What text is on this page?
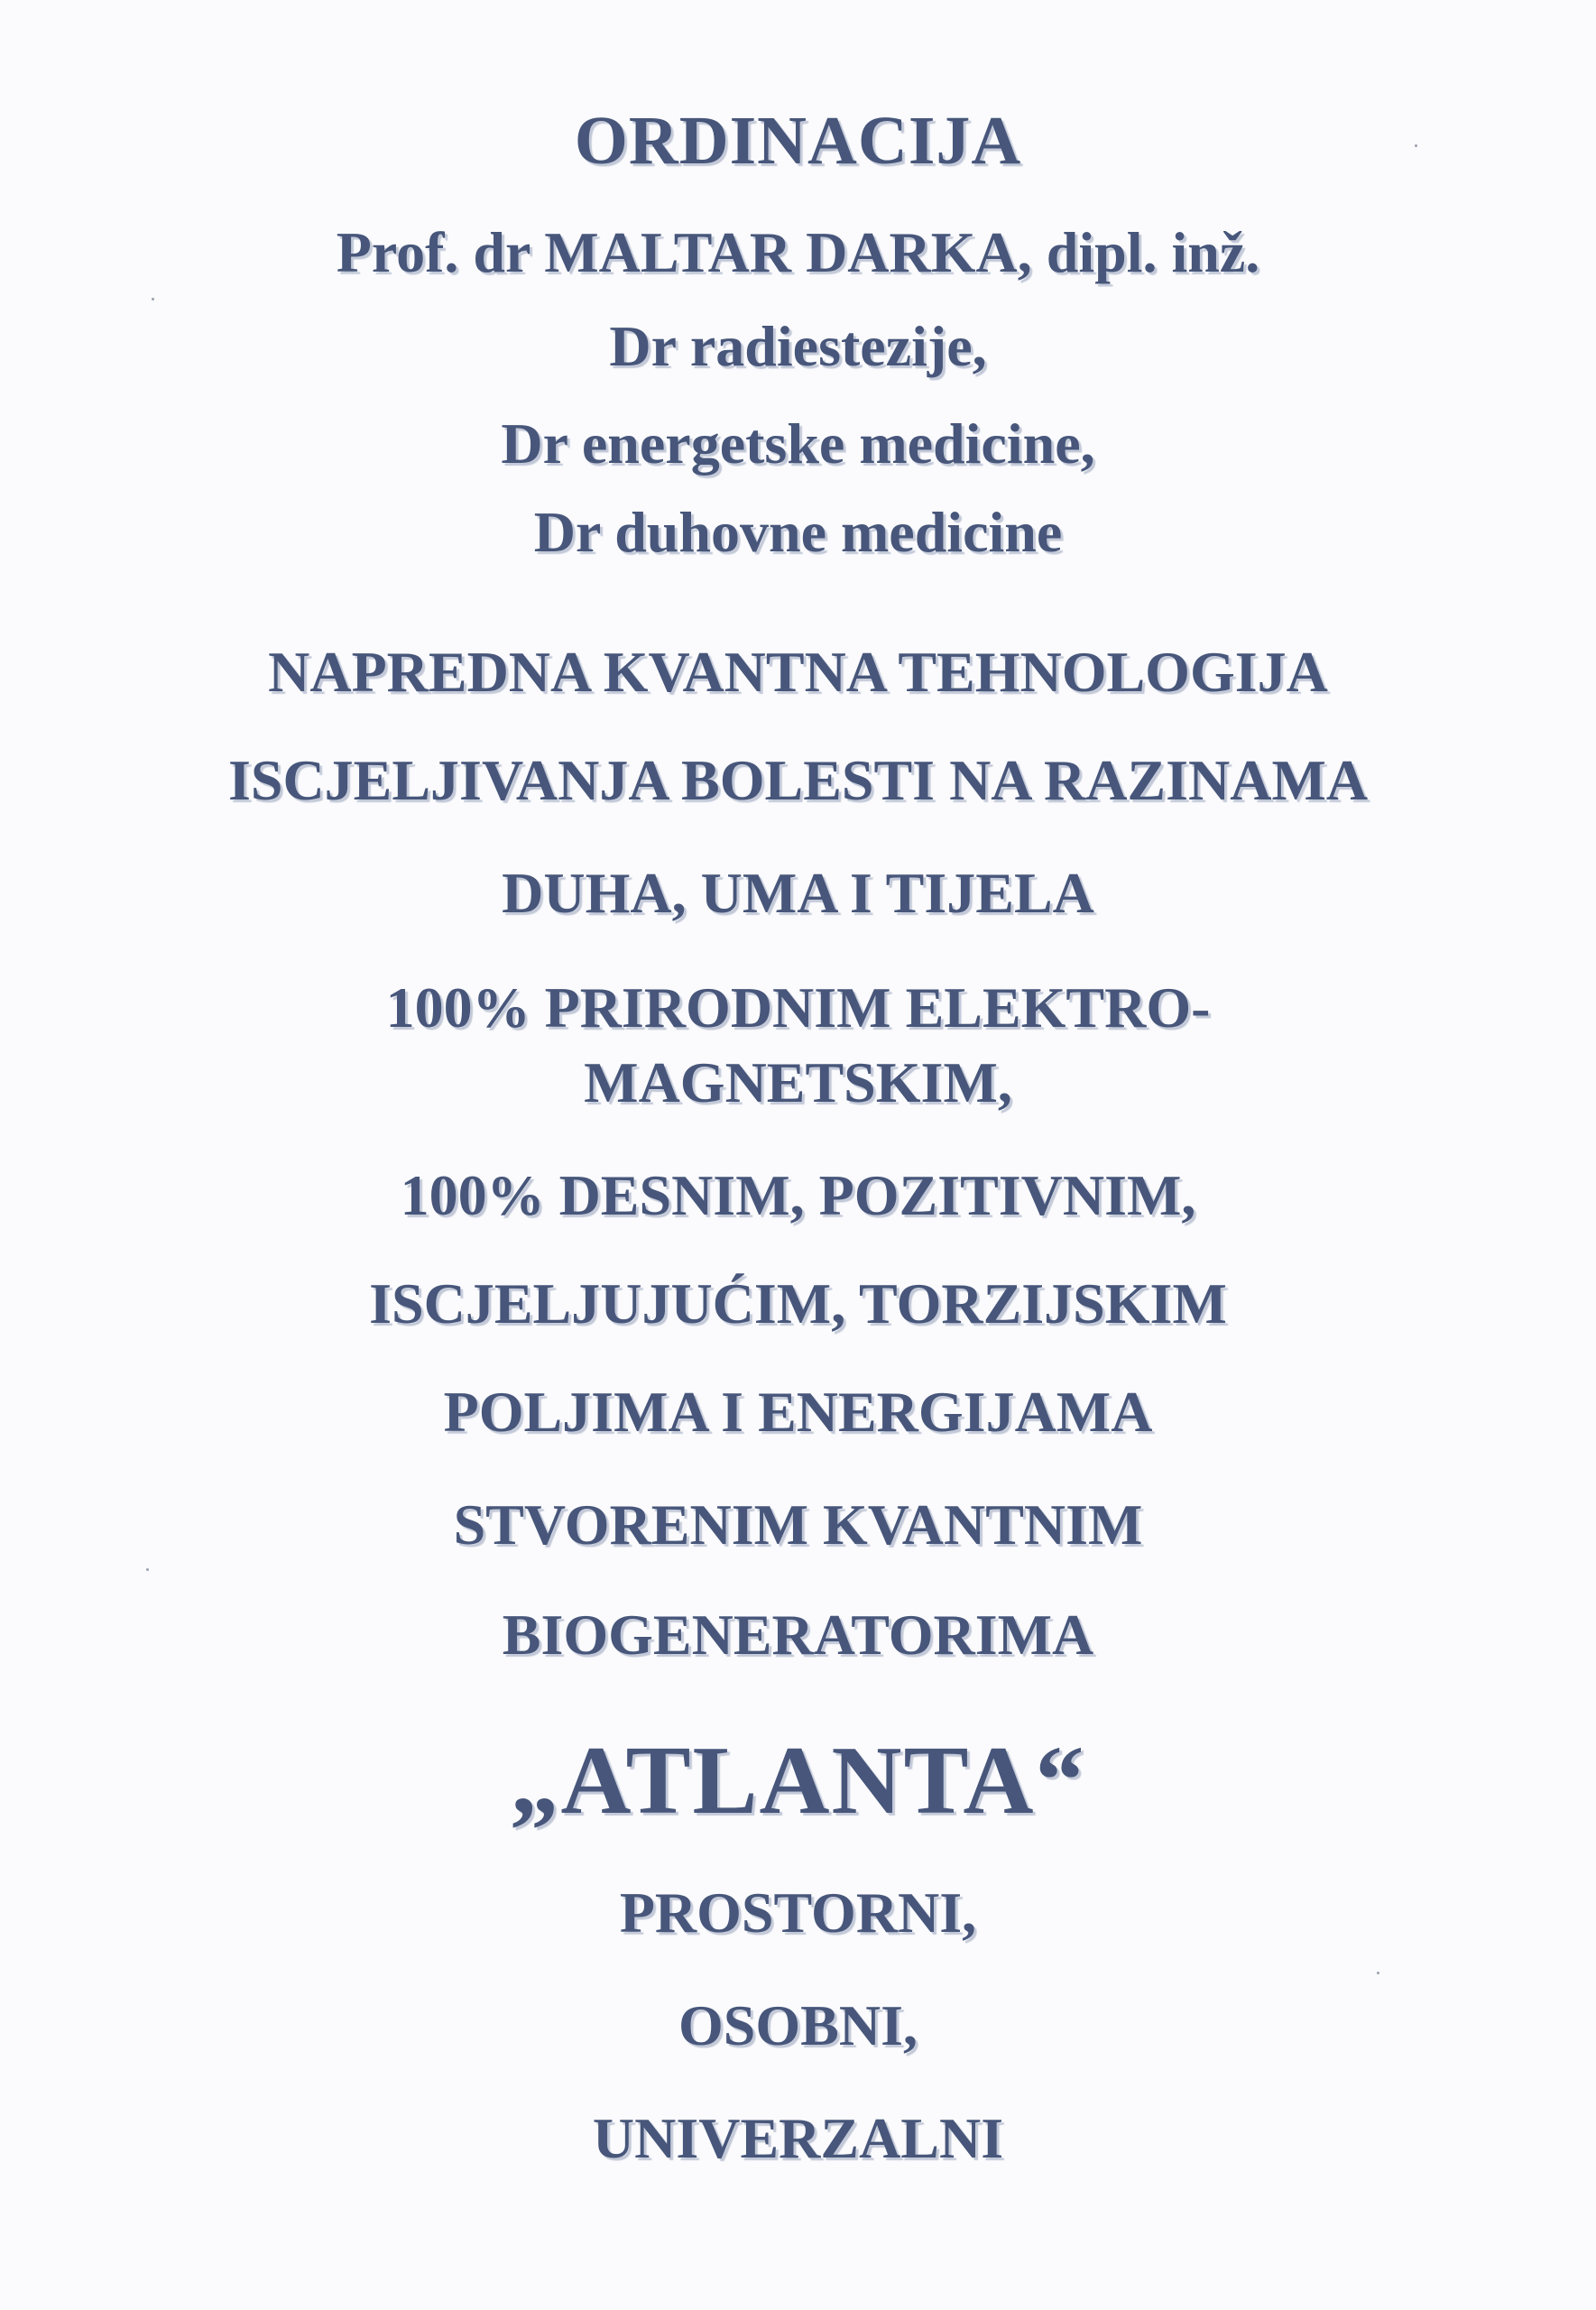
ORDINACIJA
Prof. dr MALTAR DARKA, dipl. inž.
Dr radiestezije,
Dr energetske medicine,
Dr duhovne medicine
NAPREDNA KVANTNA TEHNOLOGIJA
ISCJELJIVANJA BOLESTI NA RAZINAMA
DUHA, UMA I TIJELA
100% PRIRODNIM ELEKTRO-
MAGNETSKIM,
100% DESNIM, POZITIVNIM,
ISCJELJUJUĆIM, TORZIJSKIM
POLJIMA I ENERGIJAMA
STVORENIM KVANTNIM
BIOGENERATORIMA
„ATLANTA“
PROSTORNI,
OSOBNI,
UNIVERZALNI
